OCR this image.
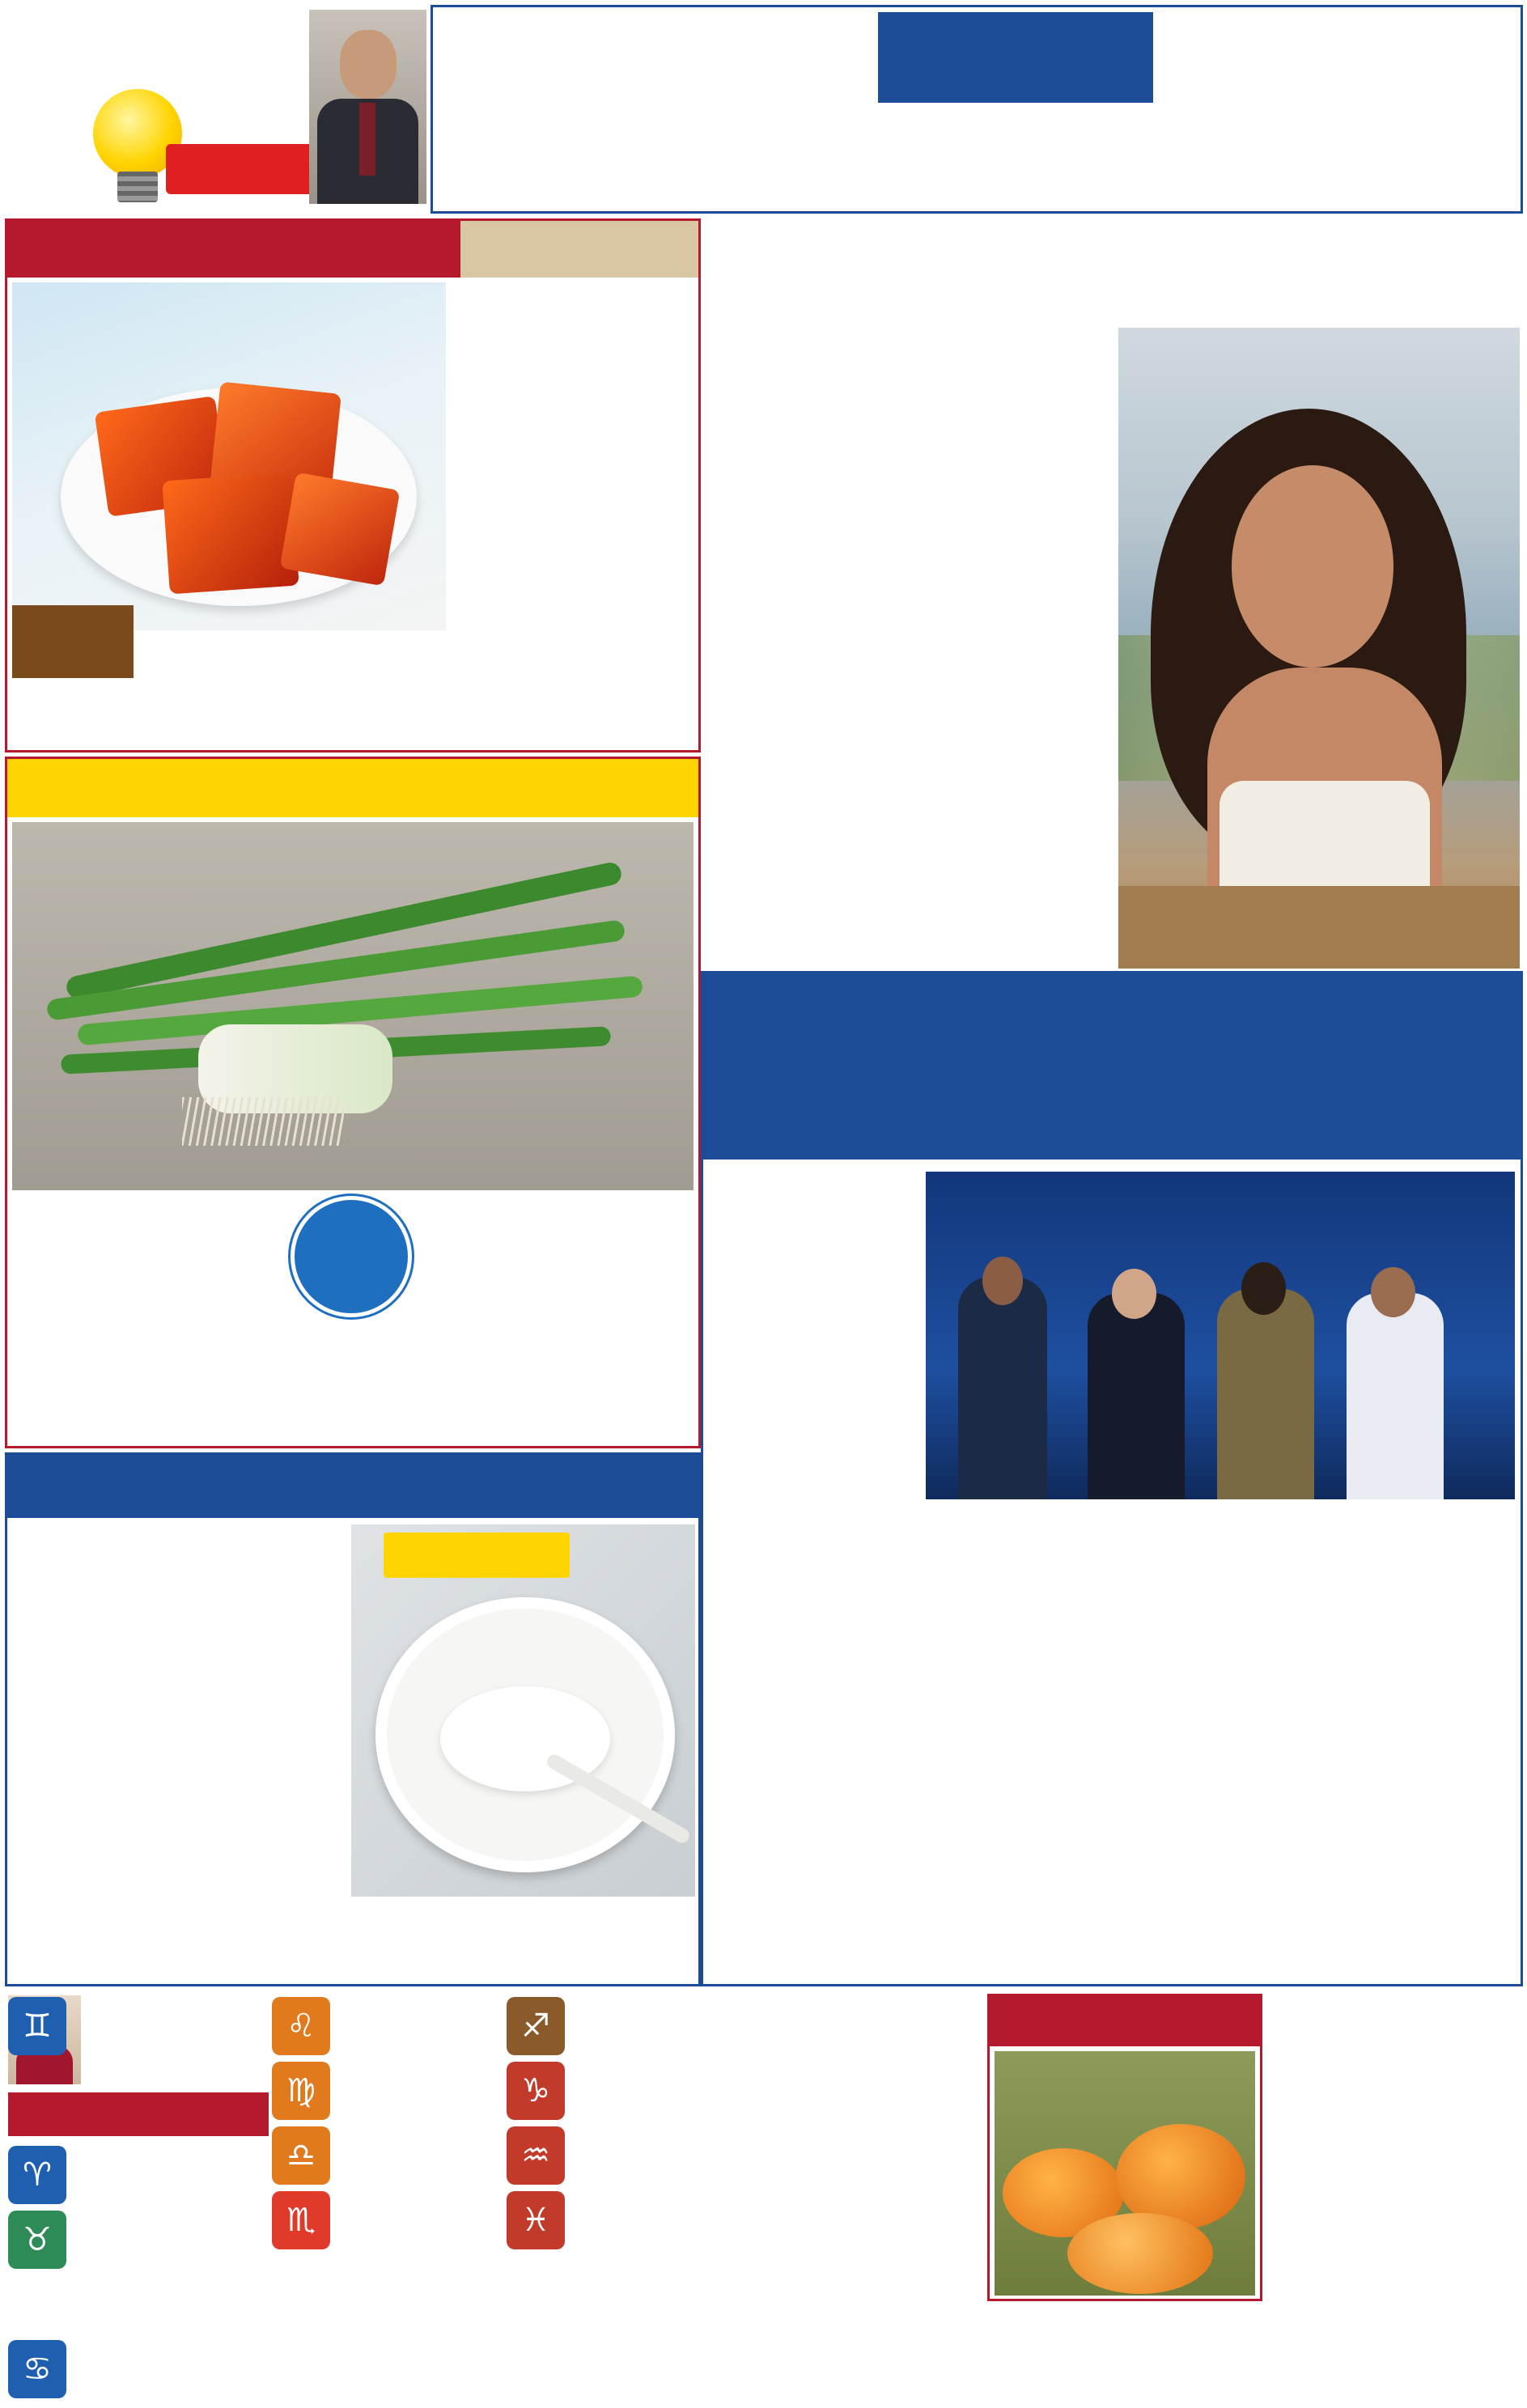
♈
♉
♊
♋
♌
♍
♎
♏
♐
♑
♒
♓
